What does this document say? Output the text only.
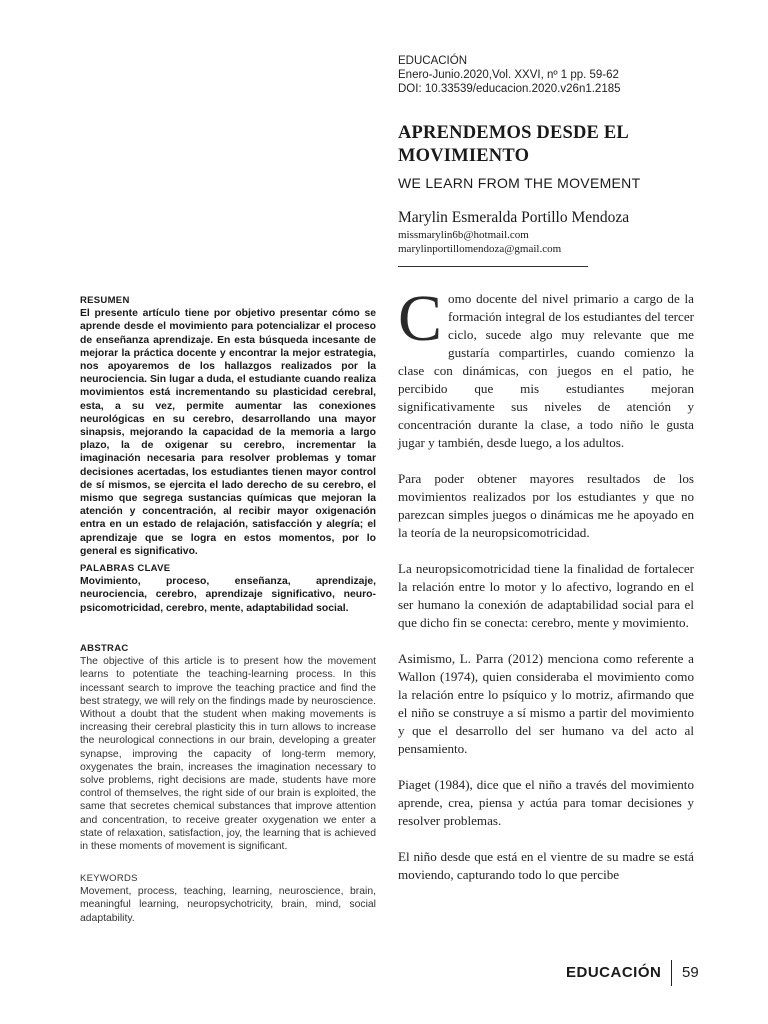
EDUCACIÓN
Enero-Junio.2020,Vol. XXVI, nº 1 pp. 59-62
DOI: 10.33539/educacion.2020.v26n1.2185
APRENDEMOS DESDE EL MOVIMIENTO
WE LEARN FROM THE MOVEMENT
Marylin Esmeralda Portillo Mendoza
missmarylin6b@hotmail.com
marylinportillomendoza@gmail.com
RESUMEN
El presente artículo tiene por objetivo presentar cómo se aprende desde el movimiento para potencializar el proceso de enseñanza aprendizaje. En esta búsqueda incesante de mejorar la práctica docente y encontrar la mejor estrategia, nos apoyaremos de los hallazgos realizados por la neurociencia. Sin lugar a duda, el estudiante cuando realiza movimientos está incrementando su plasticidad cerebral, esta, a su vez, permite aumentar las conexiones neurológicas en su cerebro, desarrollando una mayor sinapsis, mejorando la capacidad de la memoria a largo plazo, la de oxigenar su cerebro, incrementar la imaginación necesaria para resolver problemas y tomar decisiones acertadas, los estudiantes tienen mayor control de sí mismos, se ejercita el lado derecho de su cerebro, el mismo que segrega sustancias químicas que mejoran la atención y concentración, al recibir mayor oxigenación entra en un estado de relajación, satisfacción y alegría; el aprendizaje que se logra en estos momentos, por lo general es significativo.
PALABRAS CLAVE
Movimiento, proceso, enseñanza, aprendizaje, neurociencia, cerebro, aprendizaje significativo, neuro-psicomotricidad, cerebro, mente, adaptabilidad social.
ABSTRAC
The objective of this article is to present how the movement learns to potentiate the teaching-learning process. In this incessant search to improve the teaching practice and find the best strategy, we will rely on the findings made by neuroscience. Without a doubt that the student when making movements is increasing their cerebral plasticity this in turn allows to increase the neurological connections in our brain, developing a greater synapse, improving the capacity of long-term memory, oxygenates the brain, increases the imagination necessary to solve problems, right decisions are made, students have more control of themselves, the right side of our brain is exploited, the same that secretes chemical substances that improve attention and concentration, to receive greater oxygenation we enter a state of relaxation, satisfaction, joy, the learning that is achieved in these moments of movement is significant.
KEYWORDS
Movement, process, teaching, learning, neuroscience, brain, meaningful learning, neuropsychotricity, brain, mind, social adaptability.

Como docente del nivel primario a cargo de la formación integral de los estudiantes del tercer ciclo, sucede algo muy relevante que me gustaría compartirles, cuando comienzo la clase con dinámicas, con juegos en el patio, he percibido que mis estudiantes mejoran significativamente sus niveles de atención y concentración durante la clase, a todo niño le gusta jugar y también, desde luego, a los adultos.

Para poder obtener mayores resultados de los movimientos realizados por los estudiantes y que no parezcan simples juegos o dinámicas me he apoyado en la teoría de la neuropsicomotricidad.

La neuropsicomotricidad tiene la finalidad de fortalecer la relación entre lo motor y lo afectivo, logrando en el ser humano la conexión de adaptabilidad social para el que dicho fin se conecta: cerebro, mente y movimiento.

Asimismo, L. Parra (2012) menciona como referente a Wallon (1974), quien consideraba el movimiento como la relación entre lo psíquico y lo motriz, afirmando que el niño se construye a sí mismo a partir del movimiento y que el desarrollo del ser humano va del acto al pensamiento.

Piaget (1984), dice que el niño a través del movimiento aprende, crea, piensa y actúa para tomar decisiones y resolver problemas.

El niño desde que está en el vientre de su madre se está moviendo, capturando todo lo que percibe

EDUCACIÓN 59
